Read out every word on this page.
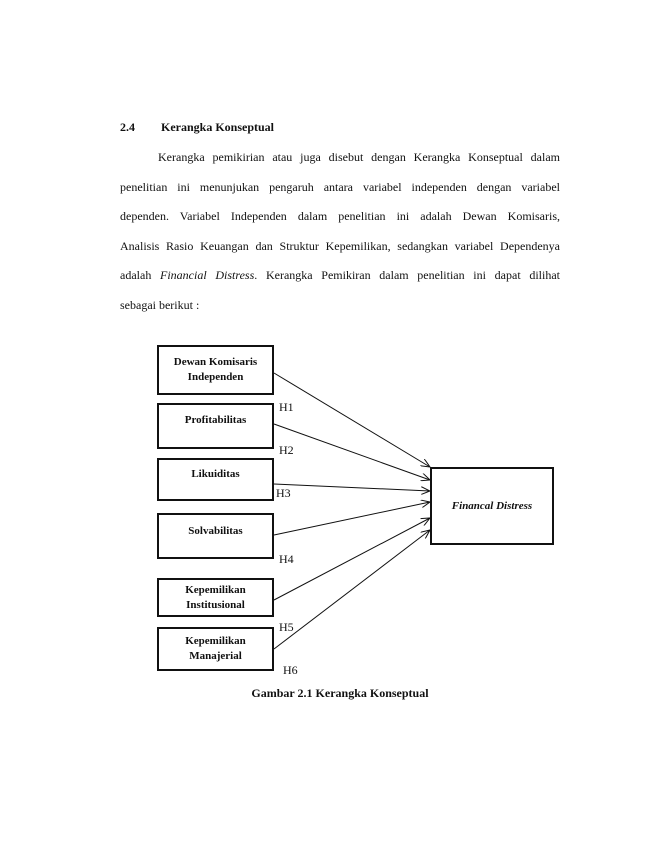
2.4 Kerangka Konseptual
Kerangka pemikirian atau juga disebut dengan Kerangka Konseptual dalam
penelitian ini menunjukan pengaruh antara variabel independen dengan variabel
dependen. Variabel Independen dalam penelitian ini adalah Dewan Komisaris,
Analisis Rasio Keuangan dan Struktur Kepemilikan, sedangkan variabel Dependenya
adalah Financial Distress. Kerangka Pemikiran dalam penelitian ini dapat dilihat
sebagai berikut :
Dewan Komisaris
Independen
Profitabilitas
Likuiditas
Solvabilitas
Kepemilikan
Institusional
Kepemilikan
Manajerial
Financal Distress
H1
H2
H3
H4
H5
H6
Gambar 2.1 Kerangka Konseptual
